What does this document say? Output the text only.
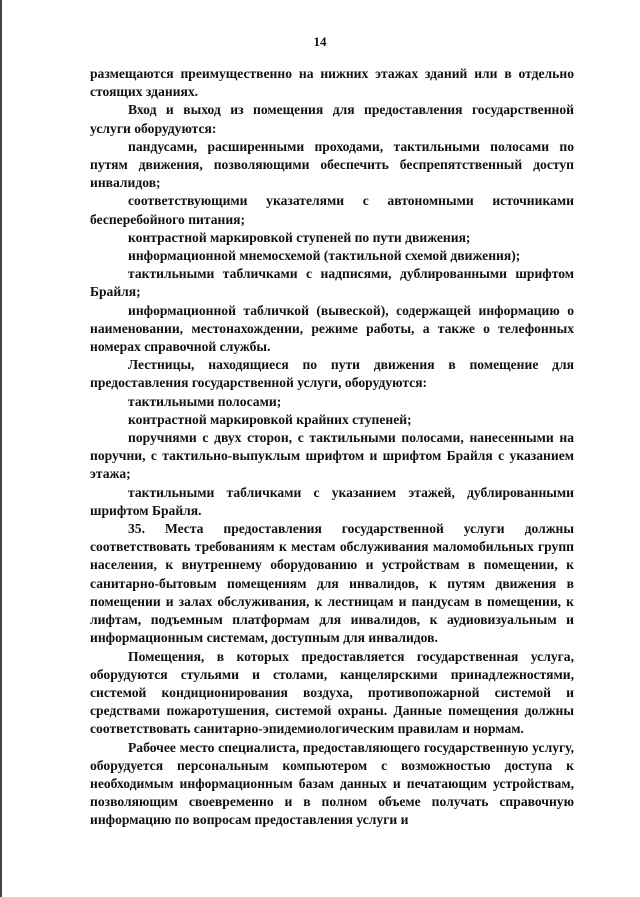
14

размещаются преимущественно на нижних этажах зданий или в отдельно стоящих зданиях.

Вход и выход из помещения для предоставления государственной услуги оборудуются:

пандусами, расширенными проходами, тактильными полосами по путям движения, позволяющими обеспечить беспрепятственный доступ инвалидов;

соответствующими указателями с автономными источниками бесперебойного питания;

контрастной маркировкой ступеней по пути движения;

информационной мнемосхемой (тактильной схемой движения);

тактильными табличками с надписями, дублированными шрифтом Брайля;

информационной табличкой (вывеской), содержащей информацию о наименовании, местонахождении, режиме работы, а также о телефонных номерах справочной службы.

Лестницы, находящиеся по пути движения в помещение для предоставления государственной услуги, оборудуются:

тактильными полосами;

контрастной маркировкой крайних ступеней;

поручнями с двух сторон, с тактильными полосами, нанесенными на поручни, с тактильно-выпуклым шрифтом и шрифтом Брайля с указанием этажа;

тактильными табличками с указанием этажей, дублированными шрифтом Брайля.

35. Места предоставления государственной услуги должны соответствовать требованиям к местам обслуживания маломобильных групп населения, к внутреннему оборудованию и устройствам в помещении, к санитарно-бытовым помещениям для инвалидов, к путям движения в помещении и залах обслуживания, к лестницам и пандусам в помещении, к лифтам, подъемным платформам для инвалидов, к аудиовизуальным и информационным системам, доступным для инвалидов.

Помещения, в которых предоставляется государственная услуга, оборудуются стульями и столами, канцелярскими принадлежностями, системой кондиционирования воздуха, противопожарной системой и средствами пожаротушения, системой охраны. Данные помещения должны соответствовать санитарно-эпидемиологическим правилам и нормам.

Рабочее место специалиста, предоставляющего государственную услугу, оборудуется персональным компьютером с возможностью доступа к необходимым информационным базам данных и печатающим устройствам, позволяющим своевременно и в полном объеме получать справочную информацию по вопросам предоставления услуги и
